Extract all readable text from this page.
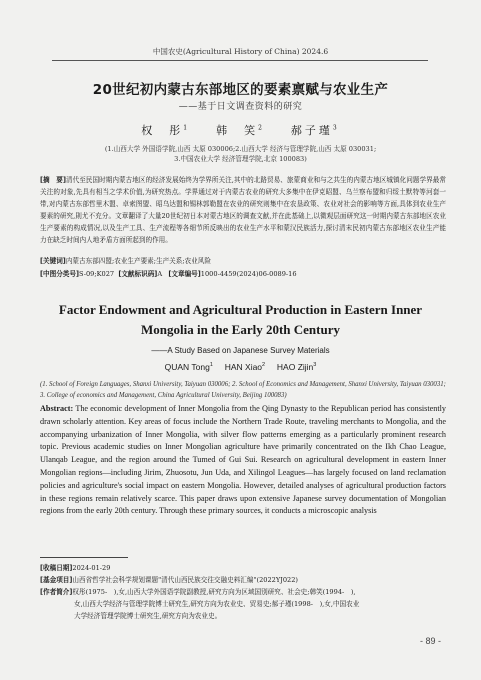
中国农史(Agricultural History of China) 2024.6
20世纪初内蒙古东部地区的要素禀赋与农业生产
——基于日文调查资料的研究
权　彤$^1$ 韩　笑$^2$ 郝子瑾$^3$
(1.山西大学 外国语学院,山西 太原 030006;2.山西大学 经济与管理学院,山西 太原 030031;
3.中国农业大学 经济管理学院,北京 100083)
[摘　要]清代至民国时期内蒙古地区的经济发展始终为学界所关注,其中的北路贸易、旅蒙商业和与之共生的内蒙古地区城镇化问题学界最常关注的对象,先具有相当之学术价值,为研究热点。学界通过对于内蒙古农业的研究大多集中在伊克昭盟、乌兰察布盟和归绥土默特等河套一带,对内蒙古东部哲里木盟、卓索图盟、昭乌达盟和锡林郭勒盟在农业的研究则集中在农垦政策、农业对社会的影响等方面,具体到农业生产要素的研究,則尤不充分。文章翻译了大量20世纪初日本对蒙古地区的调查文献,并在此基础上,以微观层面研究这一时期内蒙古东部地区农业生产要素的构成情况,以及生产工具、生产流程等各细节所反映出的农业生产水平和蒙汉民族活力,探讨清末民初内蒙古东部地区农业生产能力在缺乏时间内人地矛盾方面所起到的作用。
[关键词]内蒙古东部四盟;农业生产要素;生产关系;农业风险
[中图分类号]S-09;K027 [文献标识码]A [文章编号]1000-4459(2024)06-0089-16
Factor Endowment and Agricultural Production in Eastern Inner
Mongolia in the Early 20th Century
——A Study Based on Japanese Survey Materials
QUAN Tong$^1$ HAN Xiao$^2$ HAO Zijin$^3$
(1. School of Foreign Languages, Shanxi University, Taiyuan 030006; 2. School of Economics and Management, Shanxi University, Taiyuan 030031; 3. College of economics and Management, China Agricultural University, Beijing 100083)
Abstract: The economic development of Inner Mongolia from the Qing Dynasty to the Republican period has consistently drawn scholarly attention. Key areas of focus include the Northern Trade Route, traveling merchants to Mongolia, and the accompanying urbanization of Inner Mongolia, with silver flow patterns emerging as a particularly prominent research topic. Previous academic studies on Inner Mongolian agriculture have primarily concentrated on the Ikh Chao League, Ulanqab League, and the region around the Tumed of Gui Sui. Research on agricultural development in eastern Inner Mongolian regions—including Jirim, Zhuosotu, Jun Uda, and Xilingol Leagues—has largely focused on land reclamation policies and agriculture's social impact on eastern Mongolia. However, detailed analyses of agricultural production factors in these regions remain relatively scarce. This paper draws upon extensive Japanese survey documentation of Mongolian regions from the early 20th century. Through these primary sources, it conducts a microscopic analysis
[收稿日期]2024-01-29
[基金项目]山西省哲学社会科学规划课题"清代山西民族交往交融史料汇编"(2022YJ022)
[作者简介]权彤(1975-　),女,山西大学外国语学院副教授,研究方向为区域国别研究、社会史;韩笑(1994-　),
女,山西大学经济与管理学院博士研究生,研究方向为农业史、贸易史;郝子瑾(1998-　),女,中国农业
大学经济管理学院博士研究生,研究方向为农业史。
- 89 -
